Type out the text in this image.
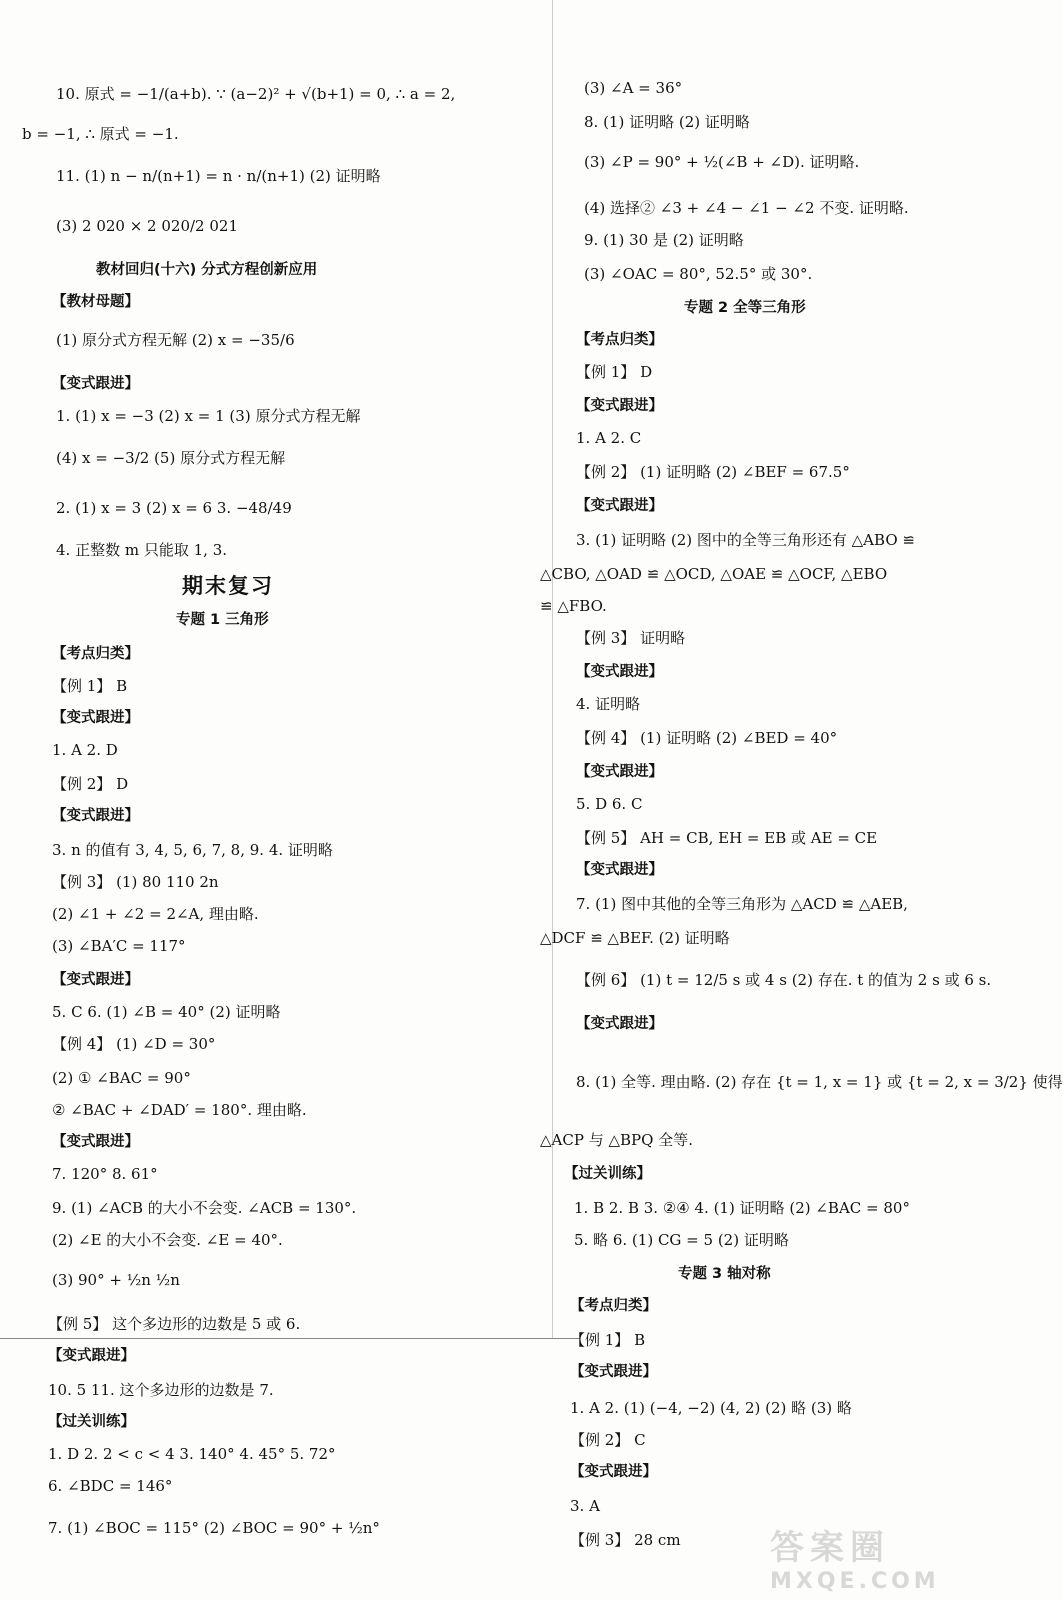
10. 原式 = −1/(a+b). ∵ (a−2)² + √(b+1) = 0, ∴ a = 2,
b = −1, ∴ 原式 = −1.
11. (1) n − n/(n+1) = n · n/(n+1) (2) 证明略
(3) 2 020 × 2 020/2 021
教材回归(十六) 分式方程创新应用
【教材母题】
(1) 原分式方程无解 (2) x = −35/6
【变式跟进】
1. (1) x = −3 (2) x = 1 (3) 原分式方程无解
(4) x = −3/2 (5) 原分式方程无解
2. (1) x = 3 (2) x = 6 3. −48/49
4. 正整数 m 只能取 1, 3.
期末复习
专题 1 三角形
【考点归类】
【例 1】 B
【变式跟进】
1. A 2. D
【例 2】 D
【变式跟进】
3. n 的值有 3, 4, 5, 6, 7, 8, 9. 4. 证明略
【例 3】 (1) 80 110 2n
(2) ∠1 + ∠2 = 2∠A, 理由略.
(3) ∠BA′C = 117°
【变式跟进】
5. C 6. (1) ∠B = 40° (2) 证明略
【例 4】 (1) ∠D = 30°
(2) ① ∠BAC = 90°
② ∠BAC + ∠DAD′ = 180°. 理由略.
【变式跟进】
7. 120° 8. 61°
9. (1) ∠ACB 的大小不会变. ∠ACB = 130°.
(2) ∠E 的大小不会变. ∠E = 40°.
(3) 90° + ½n ½n
【例 5】 这个多边形的边数是 5 或 6.
【变式跟进】
10. 5 11. 这个多边形的边数是 7.
【过关训练】
1. D 2. 2 < c < 4 3. 140° 4. 45° 5. 72°
6. ∠BDC = 146°
7. (1) ∠BOC = 115° (2) ∠BOC = 90° + ½n°
(3) ∠A = 36°
8. (1) 证明略 (2) 证明略
(3) ∠P = 90° + ½(∠B + ∠D). 证明略.
(4) 选择② ∠3 + ∠4 − ∠1 − ∠2 不变. 证明略.
9. (1) 30 是 (2) 证明略
(3) ∠OAC = 80°, 52.5° 或 30°.
专题 2 全等三角形
【考点归类】
【例 1】 D
【变式跟进】
1. A 2. C
【例 2】 (1) 证明略 (2) ∠BEF = 67.5°
【变式跟进】
3. (1) 证明略 (2) 图中的全等三角形还有 △ABO ≌
△CBO, △OAD ≌ △OCD, △OAE ≌ △OCF, △EBO
≌ △FBO.
【例 3】 证明略
【变式跟进】
4. 证明略
【例 4】 (1) 证明略 (2) ∠BED = 40°
【变式跟进】
5. D 6. C
【例 5】 AH = CB, EH = EB 或 AE = CE
【变式跟进】
7. (1) 图中其他的全等三角形为 △ACD ≌ △AEB,
△DCF ≌ △BEF. (2) 证明略
【例 6】 (1) t = 12/5 s 或 4 s (2) 存在. t 的值为 2 s 或 6 s.
【变式跟进】
8. (1) 全等. 理由略. (2) 存在 {t = 1, x = 1} 或 {t = 2, x = 3/2} 使得
△ACP 与 △BPQ 全等.
【过关训练】
1. B 2. B 3. ②④ 4. (1) 证明略 (2) ∠BAC = 80°
5. 略 6. (1) CG = 5 (2) 证明略
专题 3 轴对称
【考点归类】
【例 1】 B
【变式跟进】
1. A 2. (1) (−4, −2) (4, 2) (2) 略 (3) 略
【例 2】 C
【变式跟进】
3. A
【例 3】 28 cm	答案圈
MXQE.COM
